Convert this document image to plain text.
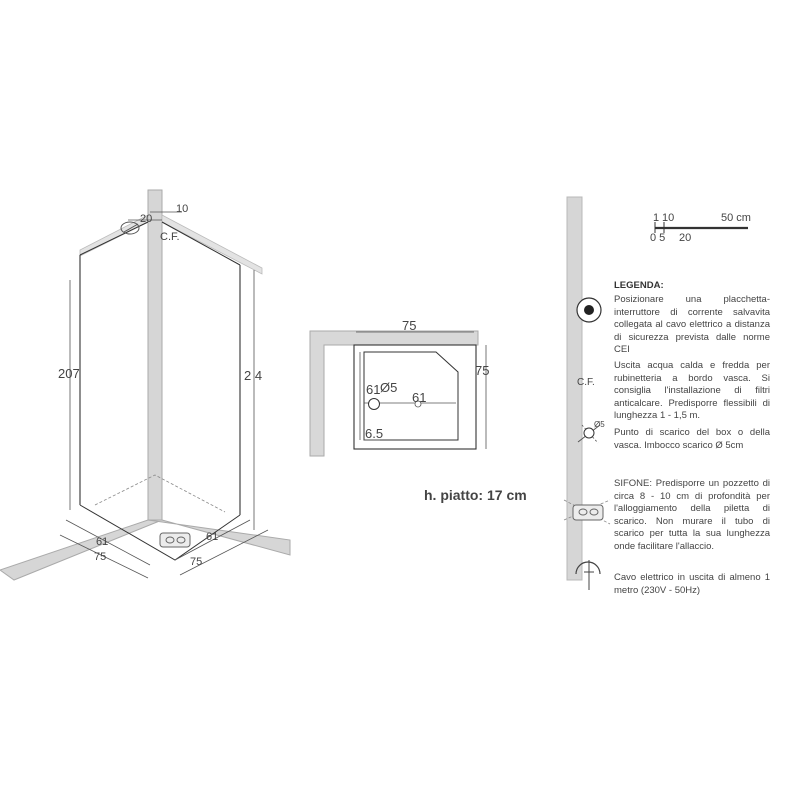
10
20
C.F.
207	2 4
61
75
61
75
75
75
61 Ø5
61
6.5
1 10	50 cm
0 5 20
Ø5
h. piatto: 17 cm
LEGENDA:
C.F.
Posizionare una placchetta-interruttore di corrente salvavita collegata al cavo elettrico a distanza di sicurezza prevista dalle norme CEI
Uscita acqua calda e fredda per rubinetteria a bordo vasca. Si consiglia l'installazione di filtri anticalcare. Predisporre flessibili di lunghezza 1 - 1,5 m.
Punto di scarico del box o della vasca. Imbocco scarico Ø 5cm
SIFONE: Predisporre un pozzetto di circa 8 - 10 cm di profondità per l'alloggiamento della piletta di scarico. Non murare il tubo di scarico per tutta la sua lunghezza onde facilitare l'allaccio.
Cavo elettrico in uscita di almeno 1 metro (230V - 50Hz)
